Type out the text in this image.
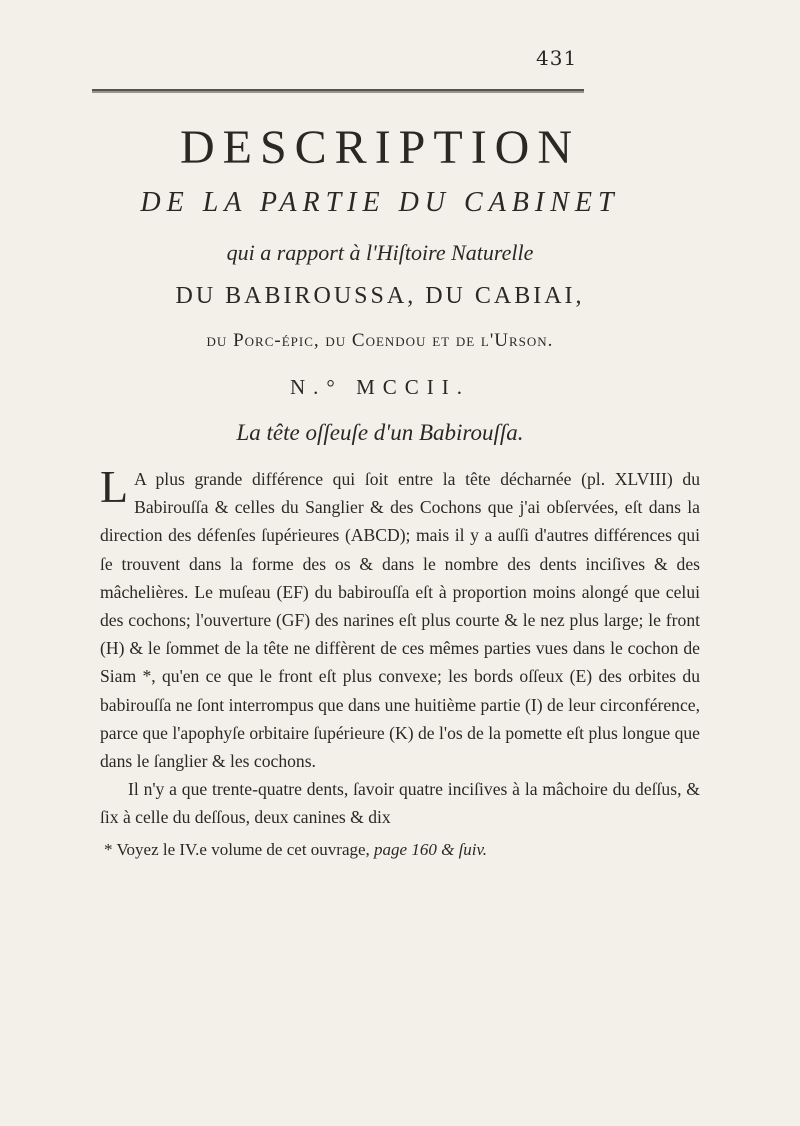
431
DESCRIPTION
DE LA PARTIE DU CABINET
qui a rapport à l'Hiſtoire Naturelle
DU BABIROUSSA, DU CABIAI,
du Porc-épic, du Coendou et de l'Urson.
N.° MCCII.
La tête oſſeuſe d'un Babirouſſa.

L A plus grande différence qui ſoit entre la tête décharnée (pl. XLVIII) du Babirouſſa & celles du Sanglier & des Cochons que j'ai obſervées, eſt dans la direction des défenſes ſupérieures (ABCD); mais il y a auſſi d'autres différences qui ſe trouvent dans la forme des os & dans le nombre des dents inciſives & des mâchelières. Le muſeau (EF) du babirouſſa eſt à proportion moins alongé que celui des cochons; l'ouverture (GF) des narines eſt plus courte & le nez plus large; le front (H) & le ſommet de la tête ne diffèrent de ces mêmes parties vues dans le cochon de Siam *, qu'en ce que le front eſt plus convexe; les bords oſſeux (E) des orbites du babirouſſa ne ſont interrompus que dans une huitième partie (I) de leur circonférence, parce que l'apophyſe orbitaire ſupérieure (K) de l'os de la pomette eſt plus longue que dans le ſanglier & les cochons.

Il n'y a que trente-quatre dents, ſavoir quatre inciſives à la mâchoire du deſſus, & ſix à celle du deſſous, deux canines & dix

* Voyez le IV.e volume de cet ouvrage, page 160 & ſuiv.
